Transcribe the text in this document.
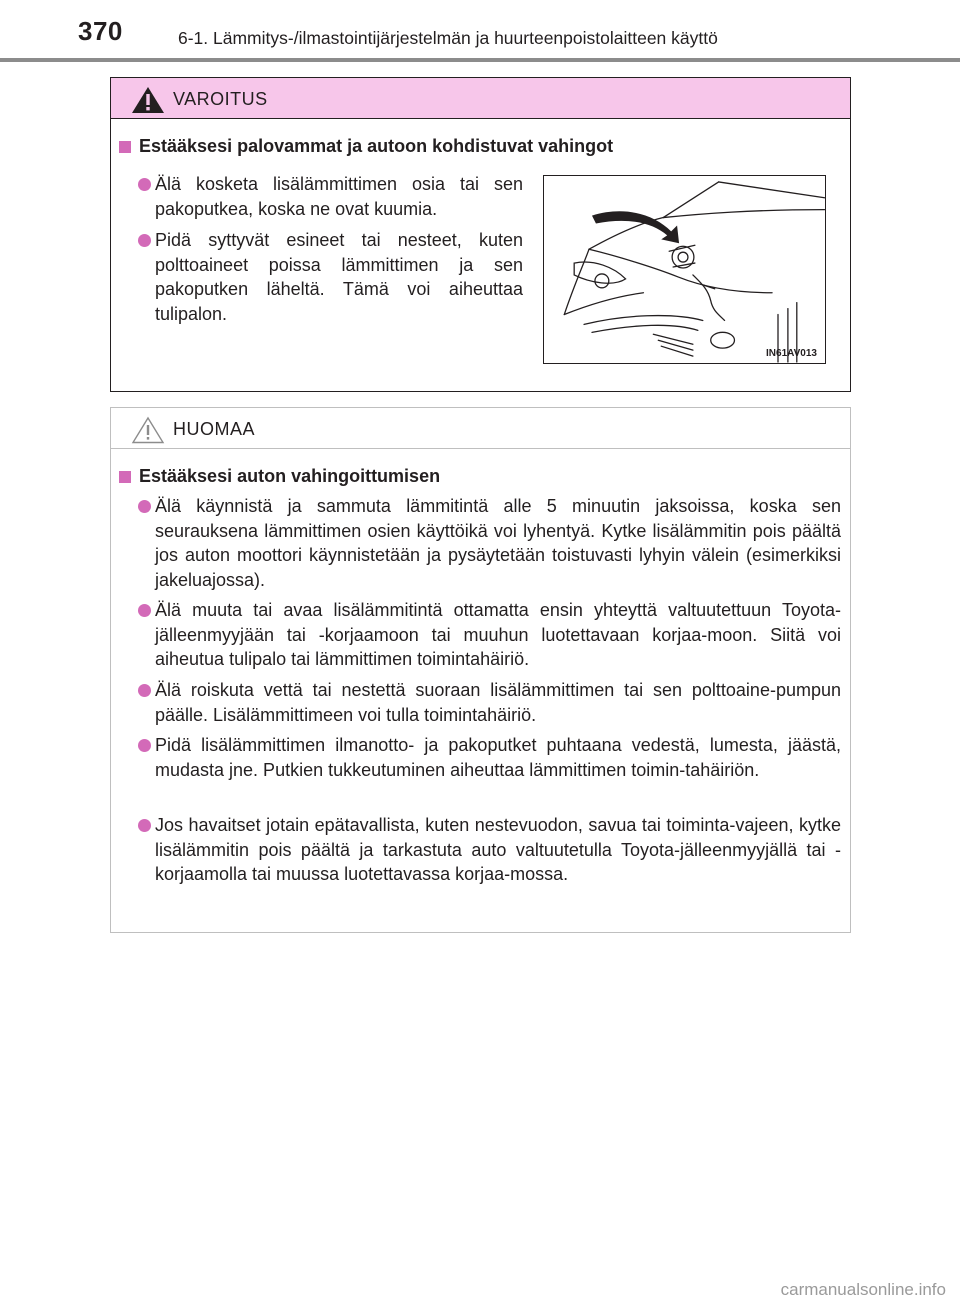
370	6-1. Lämmitys-/ilmastointijärjestelmän ja huurteenpoistolaitteen käyttö
VAROITUS
Estääksesi palovammat ja autoon kohdistuvat vahingot
Älä kosketa lisälämmittimen osia tai sen pakoputkea, koska ne ovat kuumia.
Pidä syttyvät esineet tai nesteet, kuten polttoaineet poissa lämmittimen ja sen pakoputken läheltä. Tämä voi aiheuttaa tulipalon.
IN61AV013
HUOMAA
Estääksesi auton vahingoittumisen
Älä käynnistä ja sammuta lämmitintä alle 5 minuutin jaksoissa, koska sen seurauksena lämmittimen osien käyttöikä voi lyhentyä. Kytke lisälämmitin pois päältä jos auton moottori käynnistetään ja pysäytetään toistuvasti lyhyin välein (esimerkiksi jakeluajossa).
Älä muuta tai avaa lisälämmitintä ottamatta ensin yhteyttä valtuutettuun Toyota-jälleenmyyjään tai -korjaamoon tai muuhun luotettavaan korjaa-moon. Siitä voi aiheutua tulipalo tai lämmittimen toimintahäiriö.
Älä roiskuta vettä tai nestettä suoraan lisälämmittimen tai sen polttoaine-pumpun päälle. Lisälämmittimeen voi tulla toimintahäiriö.
Pidä lisälämmittimen ilmanotto- ja pakoputket puhtaana vedestä, lumesta, jäästä, mudasta jne. Putkien tukkeutuminen aiheuttaa lämmittimen toimin-tahäiriön.
Jos havaitset jotain epätavallista, kuten nestevuodon, savua tai toiminta-vajeen, kytke lisälämmitin pois päältä ja tarkastuta auto valtuutetulla Toyota-jälleenmyyjällä tai -korjaamolla tai muussa luotettavassa korjaa-mossa.
carmanualsonline.info
